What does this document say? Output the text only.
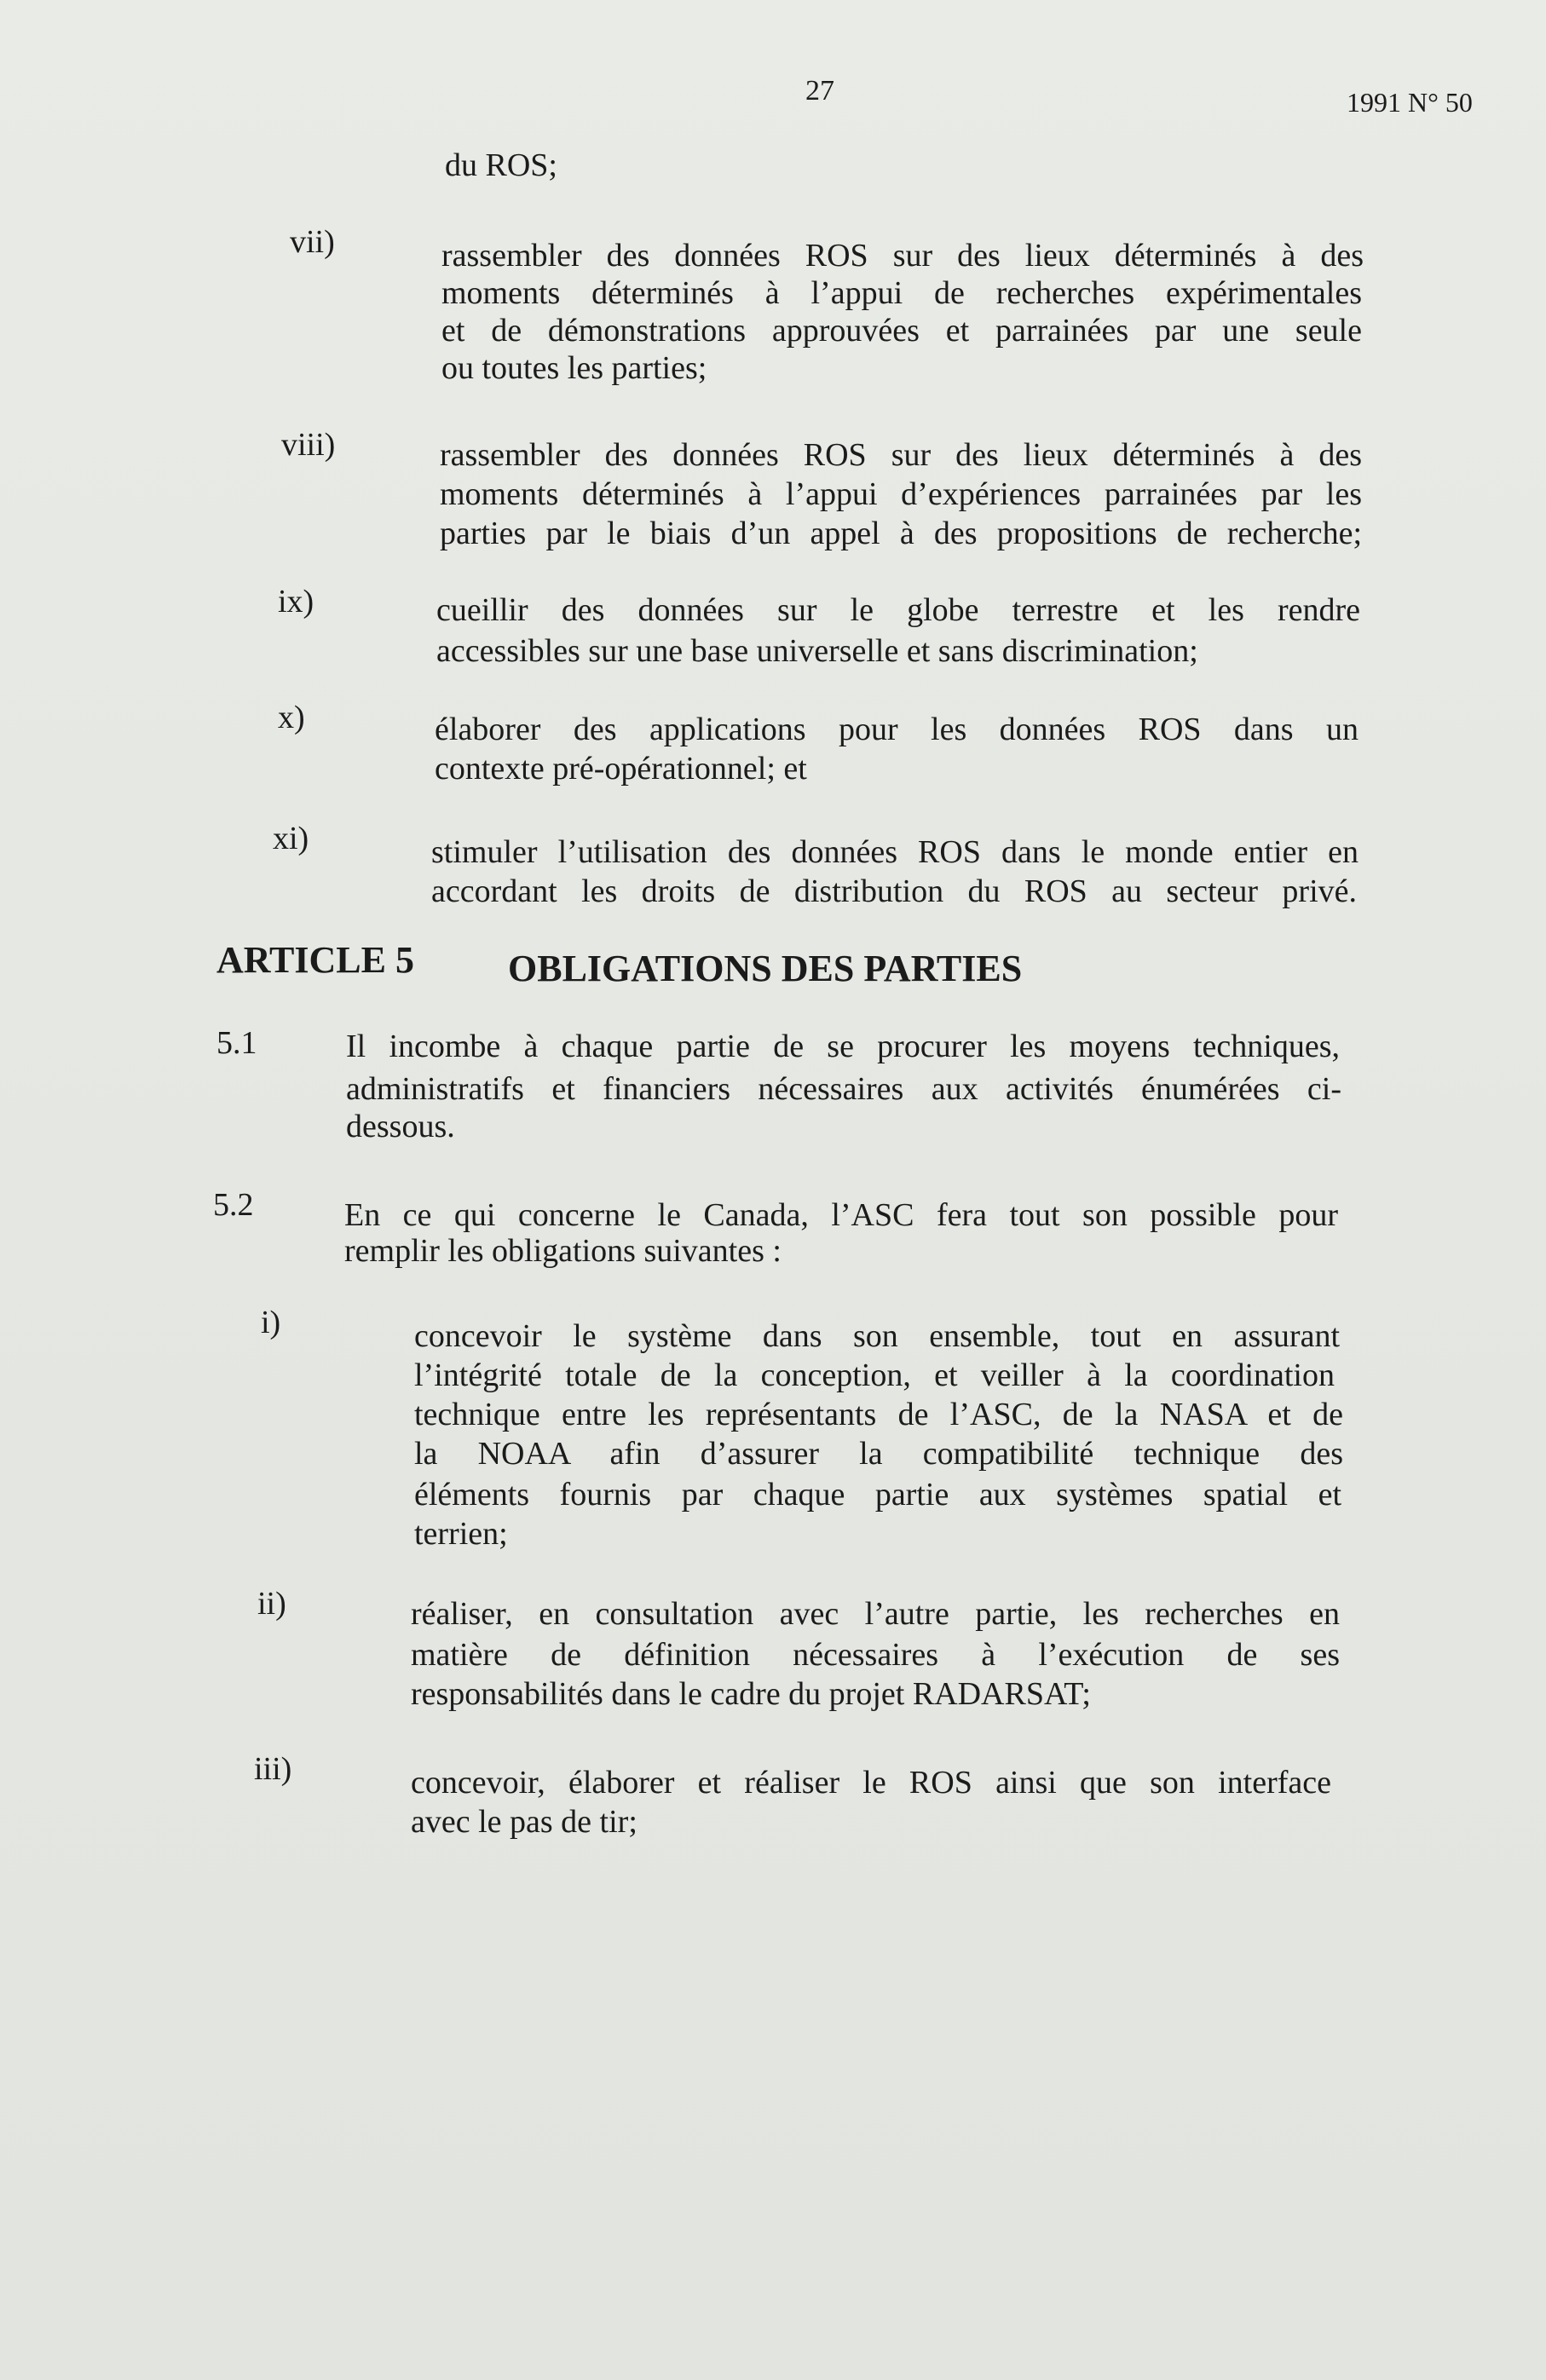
27	1991 N° 50
du ROS;
vii)	rassembler des données ROS sur des lieux déterminés à des
moments déterminés à l’appui de recherches expérimentales
et de démonstrations approuvées et parrainées par une seule
ou toutes les parties;
viii)	rassembler des données ROS sur des lieux déterminés à des
moments déterminés à l’appui d’expériences parrainées par les
parties par le biais d’un appel à des propositions de recherche;
ix)	cueillir des données sur le globe terrestre et les rendre
accessibles sur une base universelle et sans discrimination;
x)	élaborer des applications pour les données ROS dans un
contexte pré-opérationnel; et
xi)	stimuler l’utilisation des données ROS dans le monde entier en
accordant les droits de distribution du ROS au secteur privé.
ARTICLE 5	OBLIGATIONS DES PARTIES
5.1	Il incombe à chaque partie de se procurer les moyens techniques,
administratifs et financiers nécessaires aux activités énumérées ci-
dessous.
5.2	En ce qui concerne le Canada, l’ASC fera tout son possible pour
remplir les obligations suivantes :
i)	concevoir le système dans son ensemble, tout en assurant
l’intégrité totale de la conception, et veiller à la coordination
technique entre les représentants de l’ASC, de la NASA et de
la NOAA afin d’assurer la compatibilité technique des
éléments fournis par chaque partie aux systèmes spatial et
terrien;
ii)	réaliser, en consultation avec l’autre partie, les recherches en
matière de définition nécessaires à l’exécution de ses
responsabilités dans le cadre du projet RADARSAT;
iii)	concevoir, élaborer et réaliser le ROS ainsi que son interface
avec le pas de tir;
